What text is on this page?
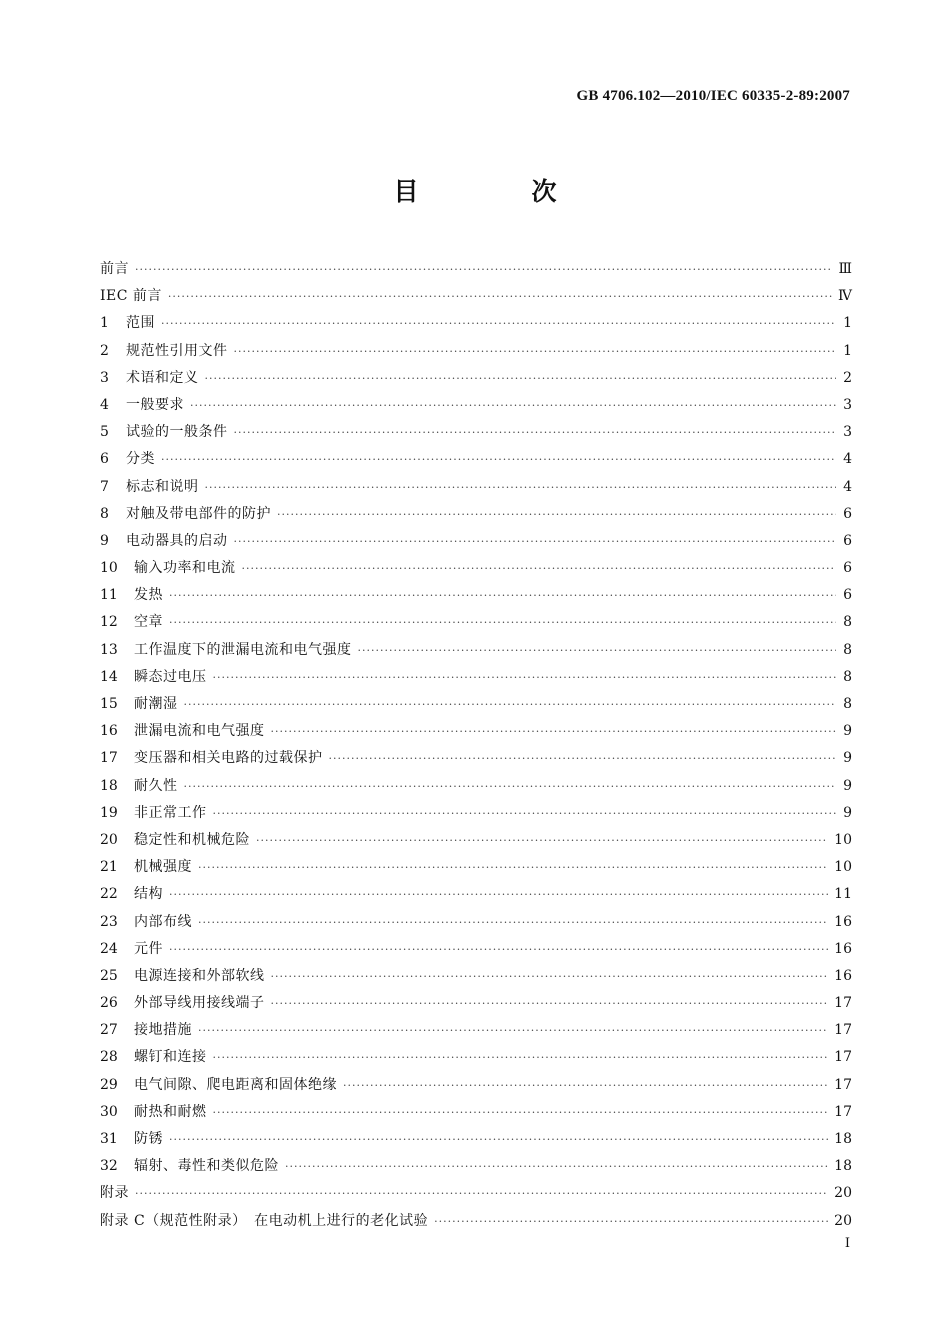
GB 4706.102—2010/IEC 60335-2-89:2007
目　次
前言 ·····	Ⅲ
IEC 前言 ·····	Ⅳ
1	范围 ·····	1
2	规范性引用文件 ·····	1
3	术语和定义 ·····	2
4	一般要求 ·····	3
5	试验的一般条件 ·····	3
6	分类 ·····	4
7	标志和说明 ·····	4
8	对触及带电部件的防护 ·····	6
9	电动器具的启动 ·····	6
10	输入功率和电流 ·····	6
11	发热 ·····	6
12	空章 ·····	8
13	工作温度下的泄漏电流和电气强度 ·····	8
14	瞬态过电压 ·····	8
15	耐潮湿 ·····	8
16	泄漏电流和电气强度 ·····	9
17	变压器和相关电路的过载保护 ·····	9
18	耐久性 ·····	9
19	非正常工作 ·····	9
20	稳定性和机械危险 ·····	10
21	机械强度 ·····	10
22	结构 ·····	11
23	内部布线 ·····	16
24	元件 ·····	16
25	电源连接和外部软线 ·····	16
26	外部导线用接线端子 ·····	17
27	接地措施 ·····	17
28	螺钉和连接 ·····	17
29	电气间隙、爬电距离和固体绝缘 ·····	17
30	耐热和耐燃 ·····	17
31	防锈 ·····	18
32	辐射、毒性和类似危险 ·····	18
附录 ·····	20
附录 C（规范性附录）　在电动机上进行的老化试验 ·····	20
Ⅰ
